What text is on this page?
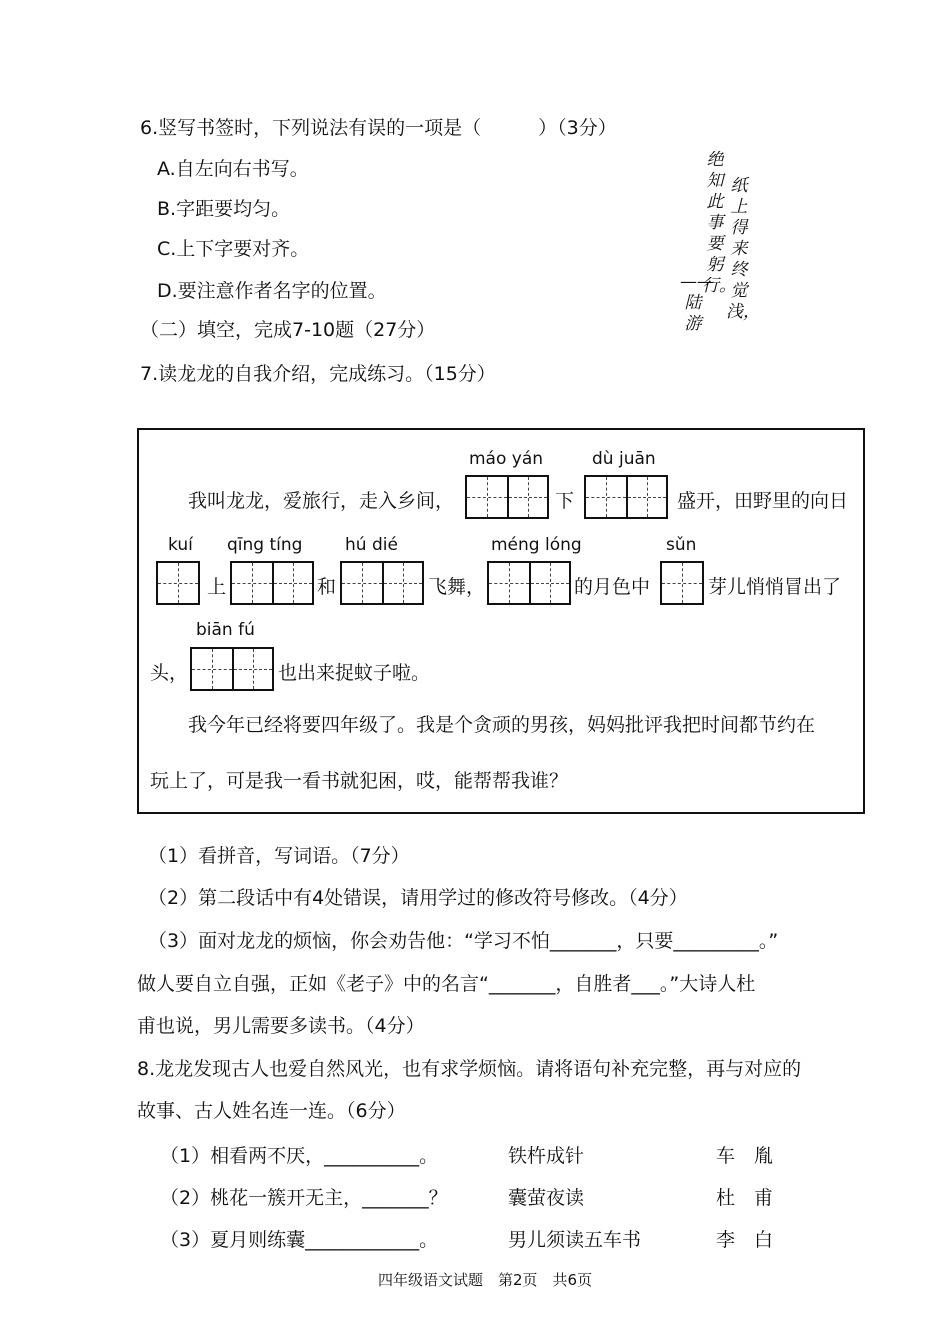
6.竖写书签时，下列说法有误的一项是（　　　）（3分）
A.自左向右书写。
B.字距要均匀。
C.上下字要对齐。
D.要注意作者名字的位置。
纸上得来终觉浅，
绝知此事要躬行。
——陆游
（二）填空，完成7-10题（27分）
7.读龙龙的自我介绍，完成练习。（15分）
máo yán	dù juān
kuí qīng tíng	hú dié	méng lóng	sǔn
biān fú
我叫龙龙，爱旅行，走入乡间，	下	盛开，田野里的向日
上	和	飞舞，	的月色中	芽儿悄悄冒出了
头，	也出来捉蚊子啦。
我今年已经将要四年级了。我是个贪顽的男孩，妈妈批评我把时间都节约在
玩上了，可是我一看书就犯困，哎，能帮帮我谁？
（1）看拼音，写词语。（7分）
（2）第二段话中有4处错误，请用学过的修改符号修改。（4分）
（3）面对龙龙的烦恼，你会劝告他：“学习不怕_______，只要_________。”
做人要自立自强，正如《老子》中的名言“_______，自胜者___。”大诗人杜
甫也说，男儿需要多读书。（4分）
8.龙龙发现古人也爱自然风光，也有求学烦恼。请将语句补充完整，再与对应的
故事、古人姓名连一连。（6分）
（1）相看两不厌，__________。	铁杵成针	车　胤
（2）桃花一簇开无主，_______？	囊萤夜读	杜　甫
（3）夏月则练囊____________。	男儿须读五车书	李　白
四年级语文试题　第2页　共6页
